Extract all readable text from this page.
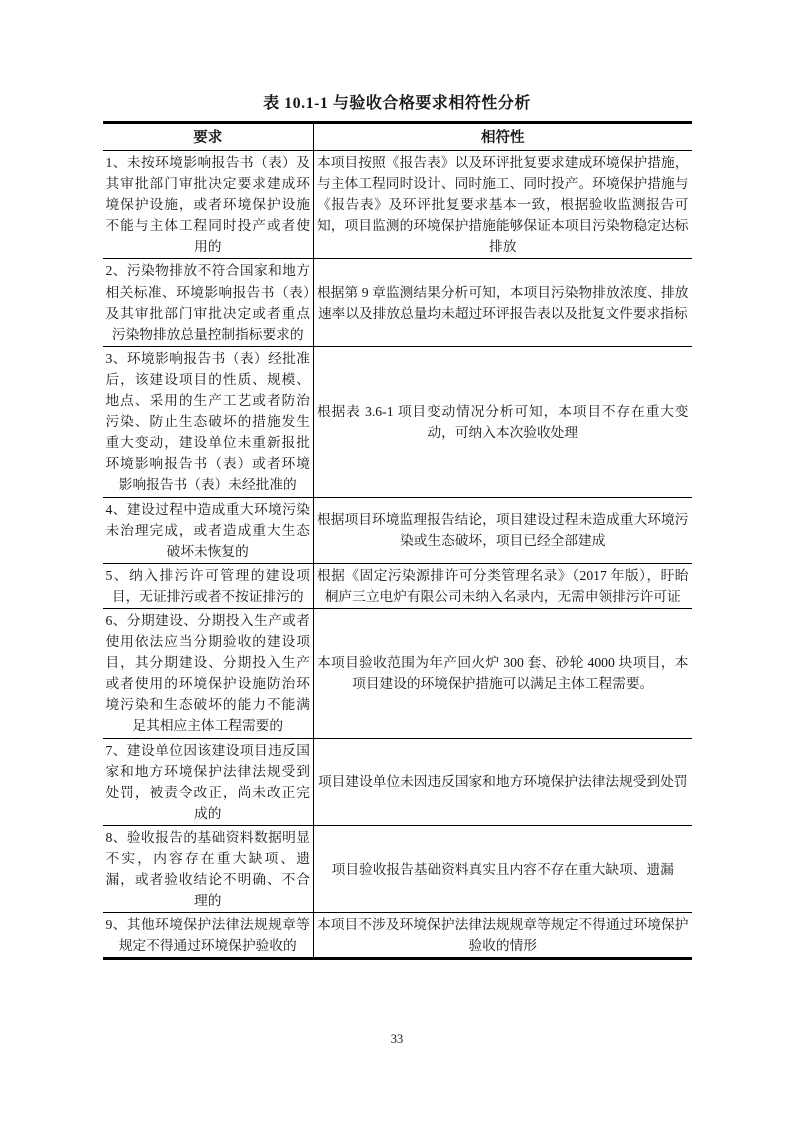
表 10.1-1 与验收合格要求相符性分析
要求	相符性
1、未按环境影响报告书（表）及其审批部门审批决定要求建成环境保护设施，或者环境保护设施不能与主体工程同时投产或者使用的	本项目按照《报告表》以及环评批复要求建成环境保护措施，与主体工程同时设计、同时施工、同时投产。环境保护措施与《报告表》及环评批复要求基本一致，根据验收监测报告可知，项目监测的环境保护措施能够保证本项目污染物稳定达标排放
2、污染物排放不符合国家和地方相关标准、环境影响报告书（表）及其审批部门审批决定或者重点污染物排放总量控制指标要求的	根据第 9 章监测结果分析可知，本项目污染物排放浓度、排放速率以及排放总量均未超过环评报告表以及批复文件要求指标
3、环境影响报告书（表）经批准后，该建设项目的性质、规模、地点、采用的生产工艺或者防治污染、防止生态破坏的措施发生重大变动，建设单位未重新报批环境影响报告书（表）或者环境影响报告书（表）未经批准的	根据表 3.6-1 项目变动情况分析可知，本项目不存在重大变动，可纳入本次验收处理
4、建设过程中造成重大环境污染未治理完成，或者造成重大生态破坏未恢复的	根据项目环境监理报告结论，项目建设过程未造成重大环境污染或生态破坏，项目已经全部建成
5、纳入排污许可管理的建设项目，无证排污或者不按证排污的	根据《固定污染源排许可分类管理名录》（2017 年版），盱眙桐庐三立电炉有限公司未纳入名录内，无需申领排污许可证
6、分期建设、分期投入生产或者使用依法应当分期验收的建设项目，其分期建设、分期投入生产或者使用的环境保护设施防治环境污染和生态破坏的能力不能满足其相应主体工程需要的	本项目验收范围为年产回火炉 300 套、砂轮 4000 块项目，本项目建设的环境保护措施可以满足主体工程需要。
7、建设单位因该建设项目违反国家和地方环境保护法律法规受到处罚，被责令改正，尚未改正完成的	项目建设单位未因违反国家和地方环境保护法律法规受到处罚
8、验收报告的基础资料数据明显不实，内容存在重大缺项、遗漏，或者验收结论不明确、不合理的	项目验收报告基础资料真实且内容不存在重大缺项、遗漏
9、其他环境保护法律法规规章等规定不得通过环境保护验收的	本项目不涉及环境保护法律法规规章等规定不得通过环境保护验收的情形
33
